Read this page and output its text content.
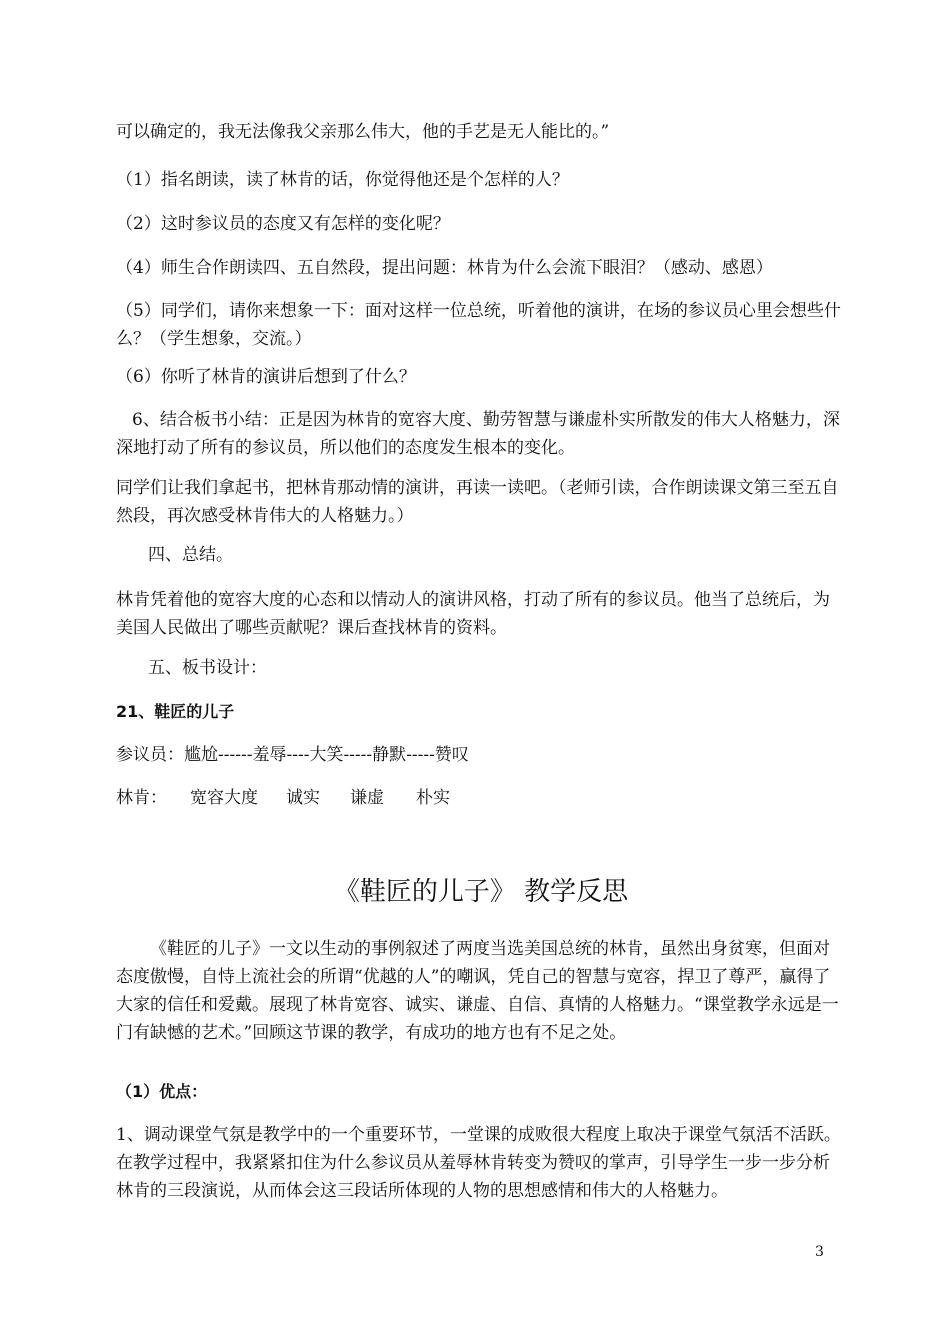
可以确定的，我无法像我父亲那么伟大，他的手艺是无人能比的。”

（1）指名朗读，读了林肯的话，你觉得他还是个怎样的人？

（2）这时参议员的态度又有怎样的变化呢？

（4）师生合作朗读四、五自然段，提出问题：林肯为什么会流下眼泪？（感动、感恩）

（5）同学们，请你来想象一下：面对这样一位总统，听着他的演讲，在场的参议员心里会想些什么？（学生想象，交流。）

（6）你听了林肯的演讲后想到了什么？

6、结合板书小结：正是因为林肯的宽容大度、勤劳智慧与谦虚朴实所散发的伟大人格魅力，深深地打动了所有的参议员，所以他们的态度发生根本的变化。

同学们让我们拿起书，把林肯那动情的演讲，再读一读吧。（老师引读，合作朗读课文第三至五自然段，再次感受林肯伟大的人格魅力。）

四、总结。

林肯凭着他的宽容大度的心态和以情动人的演讲风格，打动了所有的参议员。他当了总统后，为美国人民做出了哪些贡献呢？课后查找林肯的资料。

五、板书设计：

21、鞋匠的儿子

参议员：尴尬------羞辱----大笑-----静默-----赞叹

林肯： 宽容大度 诚实 谦虚 朴实
《鞋匠的儿子》 教学反思

《鞋匠的儿子》一文以生动的事例叙述了两度当选美国总统的林肯，虽然出身贫寒，但面对态度傲慢，自恃上流社会的所谓“优越的人”的嘲讽，凭自己的智慧与宽容，捍卫了尊严，赢得了大家的信任和爱戴。展现了林肯宽容、诚实、谦虚、自信、真情的人格魅力。“课堂教学永远是一门有缺憾的艺术。”回顾这节课的教学，有成功的地方也有不足之处。

（1）优点：

1、调动课堂气氛是教学中的一个重要环节，一堂课的成败很大程度上取决于课堂气氛活不活跃。在教学过程中，我紧紧扣住为什么参议员从羞辱林肯转变为赞叹的掌声，引导学生一步一步分析林肯的三段演说，从而体会这三段话所体现的人物的思想感情和伟大的人格魅力。

3
